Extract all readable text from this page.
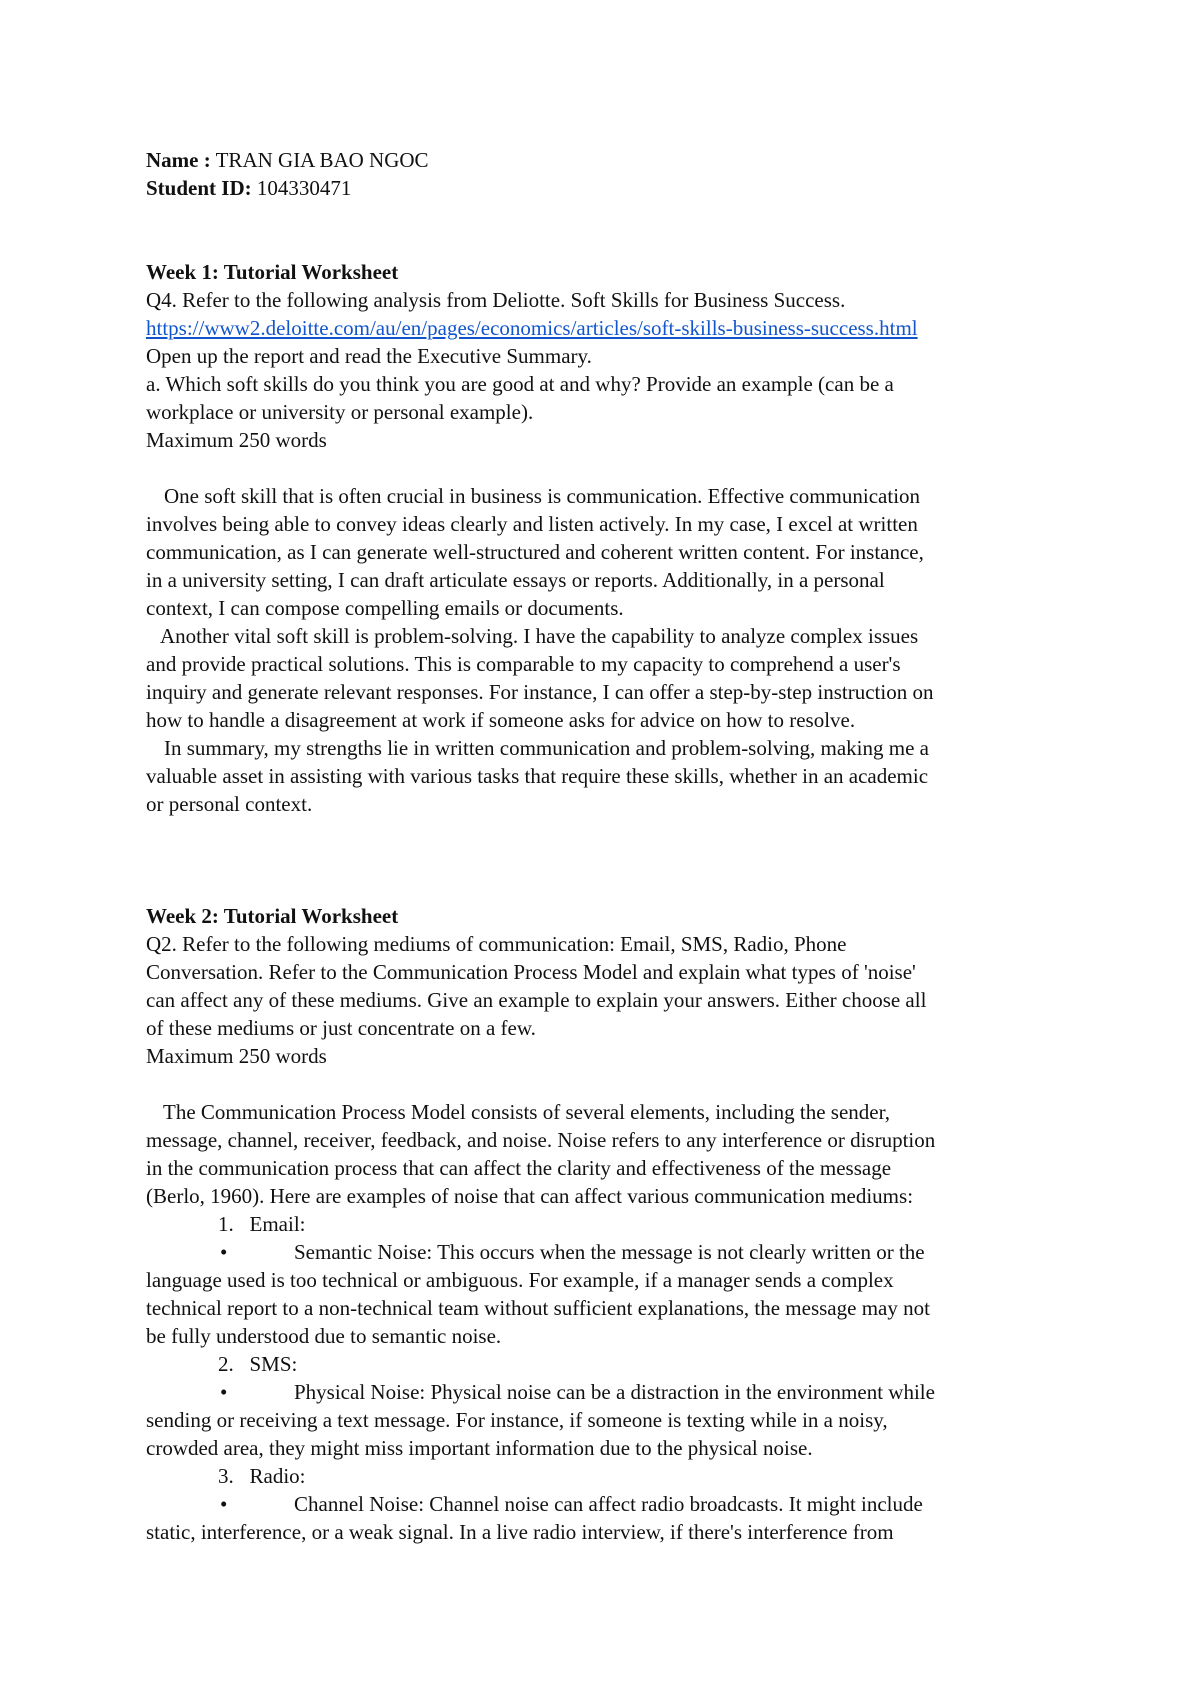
Name : TRAN GIA BAO NGOC

Student ID: 104330471

Week 1: Tutorial Worksheet

Q4. Refer to the following analysis from Deliotte. Soft Skills for Business Success.

https://www2.deloitte.com/au/en/pages/economics/articles/soft-skills-business-success.html

Open up the report and read the Executive Summary.

a. Which soft skills do you think you are good at and why? Provide an example (can be a

workplace or university or personal example).

Maximum 250 words

One soft skill that is often crucial in business is communication. Effective communication

involves being able to convey ideas clearly and listen actively. In my case, I excel at written

communication, as I can generate well-structured and coherent written content. For instance,

in a university setting, I can draft articulate essays or reports. Additionally, in a personal

context, I can compose compelling emails or documents.

Another vital soft skill is problem-solving. I have the capability to analyze complex issues

and provide practical solutions. This is comparable to my capacity to comprehend a user's

inquiry and generate relevant responses. For instance, I can offer a step-by-step instruction on

how to handle a disagreement at work if someone asks for advice on how to resolve.

In summary, my strengths lie in written communication and problem-solving, making me a

valuable asset in assisting with various tasks that require these skills, whether in an academic

or personal context.

Week 2: Tutorial Worksheet

Q2. Refer to the following mediums of communication: Email, SMS, Radio, Phone

Conversation. Refer to the Communication Process Model and explain what types of 'noise'

can affect any of these mediums. Give an example to explain your answers. Either choose all

of these mediums or just concentrate on a few.

Maximum 250 words

The Communication Process Model consists of several elements, including the sender,

message, channel, receiver, feedback, and noise. Noise refers to any interference or disruption

in the communication process that can affect the clarity and effectiveness of the message

(Berlo, 1960). Here are examples of noise that can affect various communication mediums:

1. Email:

•	Semantic Noise: This occurs when the message is not clearly written or the

language used is too technical or ambiguous. For example, if a manager sends a complex

technical report to a non-technical team without sufficient explanations, the message may not

be fully understood due to semantic noise.

2. SMS:

•	Physical Noise: Physical noise can be a distraction in the environment while

sending or receiving a text message. For instance, if someone is texting while in a noisy,

crowded area, they might miss important information due to the physical noise.

3. Radio:

•	Channel Noise: Channel noise can affect radio broadcasts. It might include

static, interference, or a weak signal. In a live radio interview, if there's interference from
